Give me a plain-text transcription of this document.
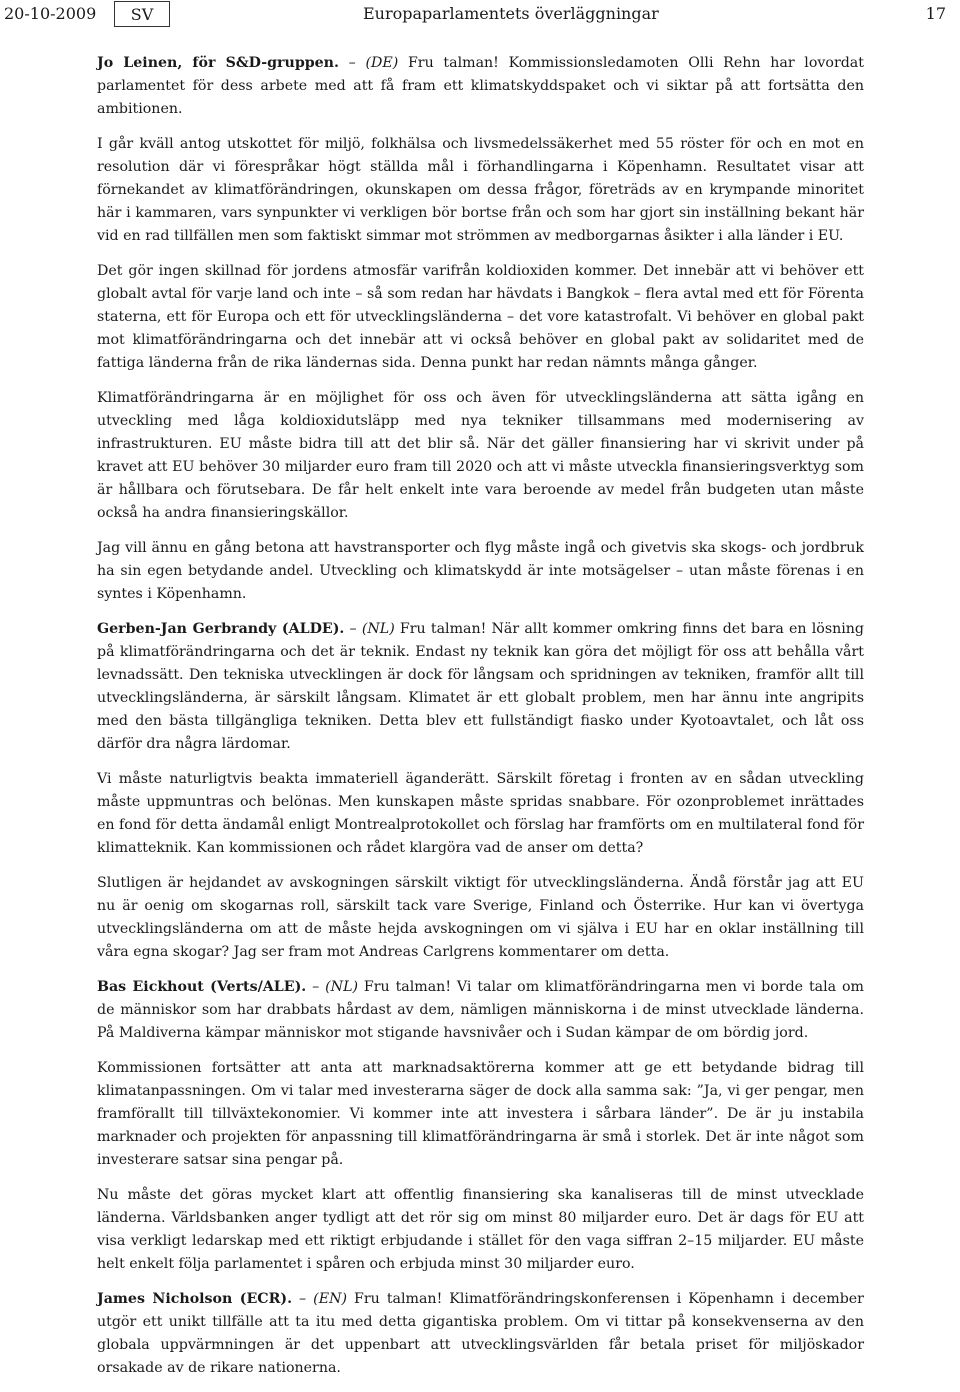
20-10-2009	SV	Europaparlamentets överläggningar	17

Jo Leinen, för S&D-gruppen. – (DE) Fru talman! Kommissionsledamoten Olli Rehn har lovordat parlamentet för dess arbete med att få fram ett klimatskyddspaket och vi siktar på att fortsätta den ambitionen.

I går kväll antog utskottet för miljö, folkhälsa och livsmedelssäkerhet med 55 röster för och en mot en resolution där vi förespråkar högt ställda mål i förhandlingarna i Köpenhamn. Resultatet visar att förnekandet av klimatförändringen, okunskapen om dessa frågor, företräds av en krympande minoritet här i kammaren, vars synpunkter vi verkligen bör bortse från och som har gjort sin inställning bekant här vid en rad tillfällen men som faktiskt simmar mot strömmen av medborgarnas åsikter i alla länder i EU.

Det gör ingen skillnad för jordens atmosfär varifrån koldioxiden kommer. Det innebär att vi behöver ett globalt avtal för varje land och inte – så som redan har hävdats i Bangkok – flera avtal med ett för Förenta staterna, ett för Europa och ett för utvecklingsländerna – det vore katastrofalt. Vi behöver en global pakt mot klimatförändringarna och det innebär att vi också behöver en global pakt av solidaritet med de fattiga länderna från de rika ländernas sida. Denna punkt har redan nämnts många gånger.

Klimatförändringarna är en möjlighet för oss och även för utvecklingsländerna att sätta igång en utveckling med låga koldioxidutsläpp med nya tekniker tillsammans med modernisering av infrastrukturen. EU måste bidra till att det blir så. När det gäller finansiering har vi skrivit under på kravet att EU behöver 30 miljarder euro fram till 2020 och att vi måste utveckla finansieringsverktyg som är hållbara och förutsebara. De får helt enkelt inte vara beroende av medel från budgeten utan måste också ha andra finansieringskällor.

Jag vill ännu en gång betona att havstransporter och flyg måste ingå och givetvis ska skogs- och jordbruk ha sin egen betydande andel. Utveckling och klimatskydd är inte motsägelser – utan måste förenas i en syntes i Köpenhamn.

Gerben-Jan Gerbrandy (ALDE). – (NL) Fru talman! När allt kommer omkring finns det bara en lösning på klimatförändringarna och det är teknik. Endast ny teknik kan göra det möjligt för oss att behålla vårt levnadssätt. Den tekniska utvecklingen är dock för långsam och spridningen av tekniken, framför allt till utvecklingsländerna, är särskilt långsam. Klimatet är ett globalt problem, men har ännu inte angripits med den bästa tillgängliga tekniken. Detta blev ett fullständigt fiasko under Kyotoavtalet, och låt oss därför dra några lärdomar.

Vi måste naturligtvis beakta immateriell äganderätt. Särskilt företag i fronten av en sådan utveckling måste uppmuntras och belönas. Men kunskapen måste spridas snabbare. För ozonproblemet inrättades en fond för detta ändamål enligt Montrealprotokollet och förslag har framförts om en multilateral fond för klimatteknik. Kan kommissionen och rådet klargöra vad de anser om detta?

Slutligen är hejdandet av avskogningen särskilt viktigt för utvecklingsländerna. Ändå förstår jag att EU nu är oenig om skogarnas roll, särskilt tack vare Sverige, Finland och Österrike. Hur kan vi övertyga utvecklingsländerna om att de måste hejda avskogningen om vi själva i EU har en oklar inställning till våra egna skogar? Jag ser fram mot Andreas Carlgrens kommentarer om detta.

Bas Eickhout (Verts/ALE). – (NL) Fru talman! Vi talar om klimatförändringarna men vi borde tala om de människor som har drabbats hårdast av dem, nämligen människorna i de minst utvecklade länderna. På Maldiverna kämpar människor mot stigande havsnivåer och i Sudan kämpar de om bördig jord.

Kommissionen fortsätter att anta att marknadsaktörerna kommer att ge ett betydande bidrag till klimatanpassningen. Om vi talar med investerarna säger de dock alla samma sak: ”Ja, vi ger pengar, men framförallt till tillväxtekonomier. Vi kommer inte att investera i sårbara länder”. De är ju instabila marknader och projekten för anpassning till klimatförändringarna är små i storlek. Det är inte något som investerare satsar sina pengar på.

Nu måste det göras mycket klart att offentlig finansiering ska kanaliseras till de minst utvecklade länderna. Världsbanken anger tydligt att det rör sig om minst 80 miljarder euro. Det är dags för EU att visa verkligt ledarskap med ett riktigt erbjudande i stället för den vaga siffran 2–15 miljarder. EU måste helt enkelt följa parlamentet i spåren och erbjuda minst 30 miljarder euro.

James Nicholson (ECR). – (EN) Fru talman! Klimatförändringskonferensen i Köpenhamn i december utgör ett unikt tillfälle att ta itu med detta gigantiska problem. Om vi tittar på konsekvenserna av den globala uppvärmningen är det uppenbart att utvecklingsvärlden får betala priset för miljöskador orsakade av de rikare nationerna.
